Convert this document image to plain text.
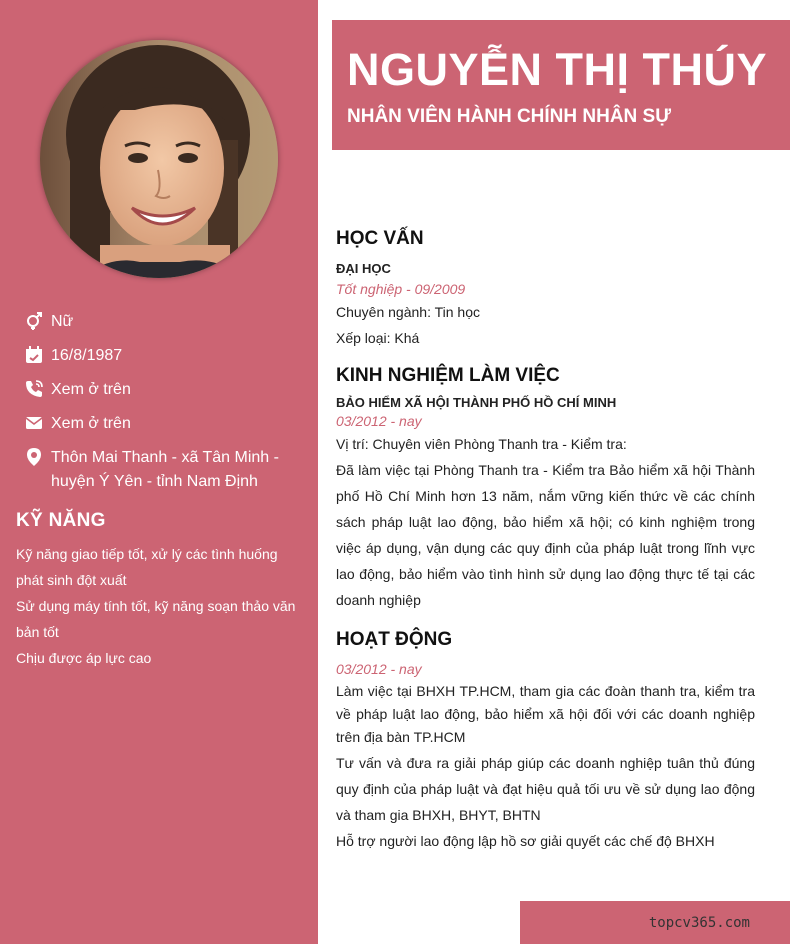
Nữ
16/8/1987
Xem ở trên
Xem ở trên
Thôn Mai Thanh - xã Tân Minh - huyện Ý Yên - tỉnh Nam Định
KỸ NĂNG
Kỹ năng giao tiếp tốt, xử lý các tình huống phát sinh đột xuất
Sử dụng máy tính tốt, kỹ năng soạn thảo văn bản tốt
Chịu được áp lực cao
NGUYỄN THỊ THÚY
NHÂN VIÊN HÀNH CHÍNH NHÂN SỰ
HỌC VẤN
ĐẠI HỌC
Tốt nghiệp - 09/2009
Chuyên ngành: Tin học
Xếp loại: Khá
KINH NGHIỆM LÀM VIỆC
BẢO HIỂM XÃ HỘI THÀNH PHỐ HỒ CHÍ MINH
03/2012 - nay
Vị trí: Chuyên viên Phòng Thanh tra - Kiểm tra:
Đã làm việc tại Phòng Thanh tra - Kiểm tra Bảo hiểm xã hội Thành phố Hồ Chí Minh hơn 13 năm, nắm vững kiến thức về các chính sách pháp luật lao động, bảo hiểm xã hội; có kinh nghiệm trong việc áp dụng, vận dụng các quy định của pháp luật trong lĩnh vực lao động, bảo hiểm vào tình hình sử dụng lao động thực tế tại các doanh nghiệp
HOẠT ĐỘNG
03/2012 - nay
Làm việc tại BHXH TP.HCM, tham gia các đoàn thanh tra, kiểm tra về pháp luật lao động, bảo hiểm xã hội đối với các doanh nghiệp trên địa bàn TP.HCM
Tư vấn và đưa ra giải pháp giúp các doanh nghiệp tuân thủ đúng quy định của pháp luật và đạt hiệu quả tối ưu về sử dụng lao động và tham gia BHXH, BHYT, BHTN
Hỗ trợ người lao động lập hồ sơ giải quyết các chế độ BHXH
topcv365.com
